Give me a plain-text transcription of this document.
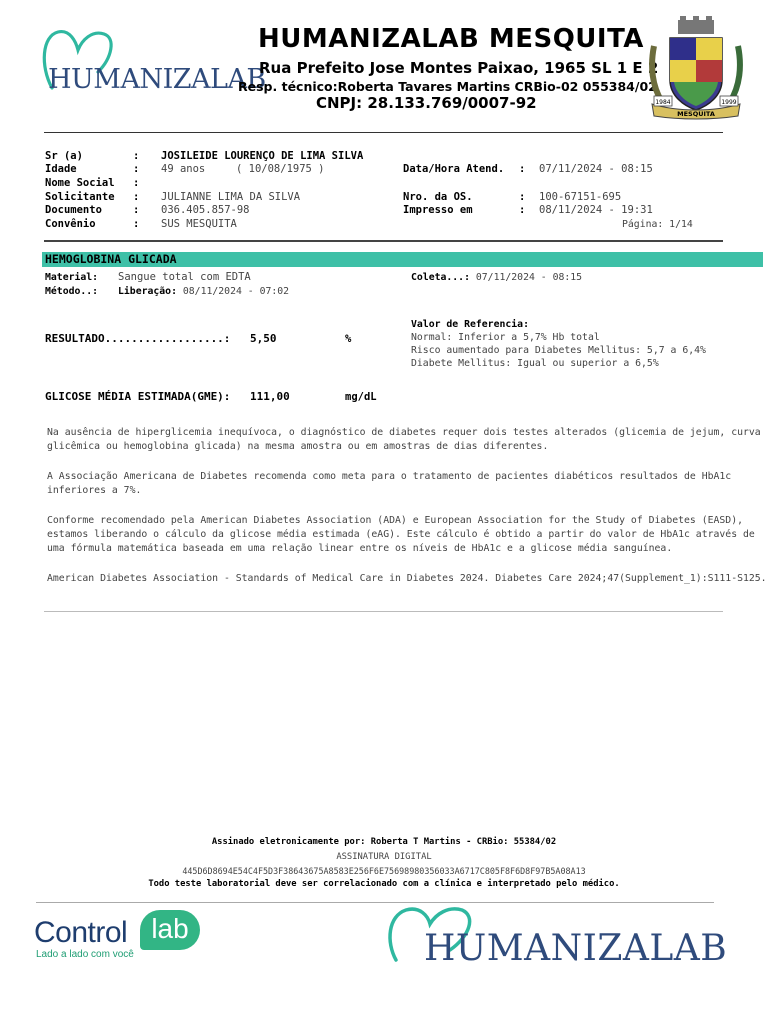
HUMANIZALAB
HUMANIZALAB MESQUITA
Rua Prefeito Jose Montes Paixao, 1965 SL 1 E 2
Resp. técnico:Roberta Tavares Martins CRBio-02 055384/02
CNPJ: 28.133.769/0007-92	1984	1999
MESQUITA
Sr (a)	: JOSILEIDE LOURENÇO DE LIMA SILVA
Idade	: 49 anos	( 10/08/1975 )
Nome Social :
Solicitante : JULIANNE LIMA DA SILVA
Documento	: 036.405.857-98
Convênio	: SUS MESQUITA
Data/Hora Atend. : 07/11/2024 - 08:15
Nro. da OS.	: 100-67151-695
Impresso em	: 08/11/2024 - 19:31
Página: 1/14
HEMOGLOBINA GLICADA
Material: Sangue total com EDTA
Método..: Liberação: 08/11/2024 - 07:02
Coleta...: 07/11/2024 - 08:15
RESULTADO..................: 5,50	%
Valor de Referencia:
Normal: Inferior a 5,7% Hb total
Risco aumentado para Diabetes Mellitus: 5,7 a 6,4%
Diabete Mellitus: Igual ou superior a 6,5%
GLICOSE MÉDIA ESTIMADA(GME): 111,00	mg/dL
Na ausência de hiperglicemia inequívoca, o diagnóstico de diabetes requer dois testes alterados (glicemia de jejum, curva glicêmica ou hemoglobina glicada) na mesma amostra ou em amostras de dias diferentes.
A Associação Americana de Diabetes recomenda como meta para o tratamento de pacientes diabéticos resultados de HbA1c inferiores a 7%.
Conforme recomendado pela American Diabetes Association (ADA) e European Association for the Study of Diabetes (EASD), estamos liberando o cálculo da glicose média estimada (eAG). Este cálculo é obtido a partir do valor de HbA1c através de uma fórmula matemática baseada em uma relação linear entre os níveis de HbA1c e a glicose média sanguínea.
American Diabetes Association - Standards of Medical Care in Diabetes 2024. Diabetes Care 2024;47(Supplement_1):S111-S125.
Assinado eletronicamente por: Roberta T Martins - CRBio: 55384/02
ASSINATURA DIGITAL
445D6D8694E54C4F5D3F38643675A8583E256F6E75698980356033A6717C805F8F6D8F97B5A08A13
Todo teste laboratorial deve ser correlacionado com a clínica e interpretado pelo médico.
Control lab
Lado a lado com você	HUMANIZALAB
